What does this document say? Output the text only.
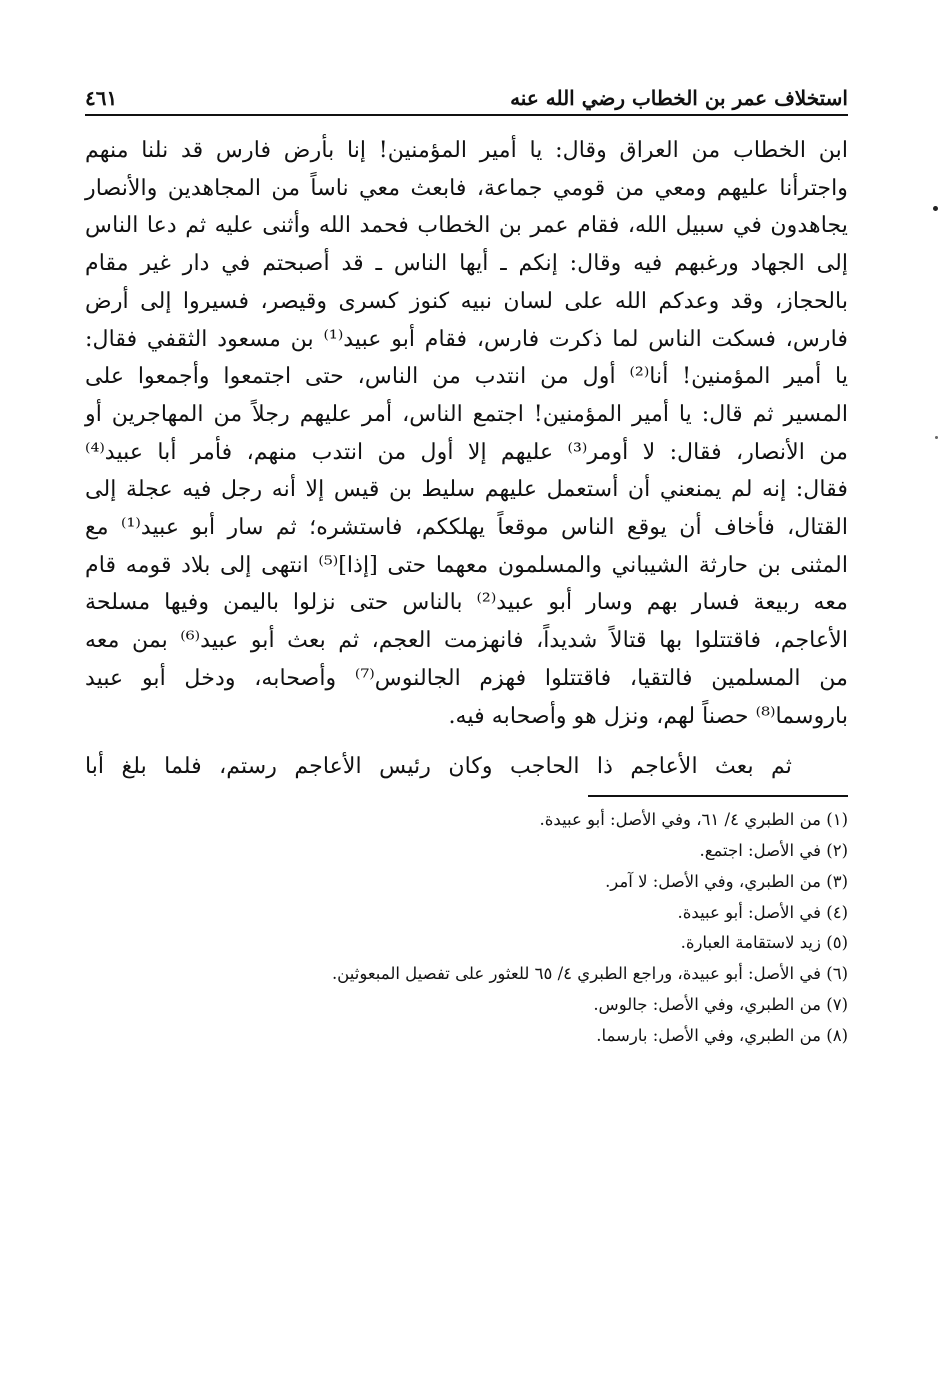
استخلاف عمر بن الخطاب رضي الله عنه
٤٦١
ابن الخطاب من العراق وقال: يا أمير المؤمنين! إنا بأرض فارس قد نلنا منهم
واجترأنا عليهم ومعي من قومي جماعة، فابعث معي ناساً من المجاهدين والأنصار
يجاهدون في سبيل الله، فقام عمر بن الخطاب فحمد الله وأثنى عليه ثم دعا الناس
إلى الجهاد ورغبهم فيه وقال: إنكم ـ أيها الناس ـ قد أصبحتم في دار غير مقام
بالحجاز، وقد وعدكم الله على لسان نبيه كنوز كسرى وقيصر، فسيروا إلى أرض
فارس، فسكت الناس لما ذكرت فارس، فقام أبو عبيد⁽¹⁾ بن مسعود الثقفي فقال:
يا أمير المؤمنين! أنا⁽²⁾ أول من انتدب من الناس، حتى اجتمعوا وأجمعوا على
المسير ثم قال: يا أمير المؤمنين! اجتمع الناس، أمر عليهم رجلاً من المهاجرين أو
من الأنصار، فقال: لا أومر⁽³⁾ عليهم إلا أول من انتدب منهم، فأمر أبا عبيد⁽⁴⁾
فقال: إنه لم يمنعني أن أستعمل عليهم سليط بن قيس إلا أنه رجل فيه عجلة إلى
القتال، فأخاف أن يوقع الناس موقعاً يهلككم، فاستشره؛ ثم سار أبو عبيد⁽¹⁾ مع
المثنى بن حارثة الشيباني والمسلمون معهما حتى [إذا]⁽⁵⁾ انتهى إلى بلاد قومه قام
معه ربيعة فسار بهم وسار أبو عبيد⁽²⁾ بالناس حتى نزلوا باليمن وفيها مسلحة
الأعاجم، فاقتتلوا بها قتالاً شديداً، فانهزمت العجم، ثم بعث أبو عبيد⁽⁶⁾ بمن معه
من المسلمين فالتقيا، فاقتتلوا فهزم الجالنوس⁽⁷⁾ وأصحابه، ودخل أبو عبيد
باروسما⁽⁸⁾ حصناً لهم، ونزل هو وأصحابه فيه.
ثم بعث الأعاجم ذا الحاجب وكان رئيس الأعاجم رستم، فلما بلغ أبا
(١) من الطبري ٤/ ٦١، وفي الأصل: أبو عبيدة.
(٢) في الأصل: اجتمع.
(٣) من الطبري، وفي الأصل: لا آمر.
(٤) في الأصل: أبو عبيدة.
(٥) زيد لاستقامة العبارة.
(٦) في الأصل: أبو عبيدة، وراجع الطبري ٤/ ٦٥ للعثور على تفصيل المبعوثين.
(٧) من الطبري، وفي الأصل: جالوس.
(٨) من الطبري، وفي الأصل: بارسما.
